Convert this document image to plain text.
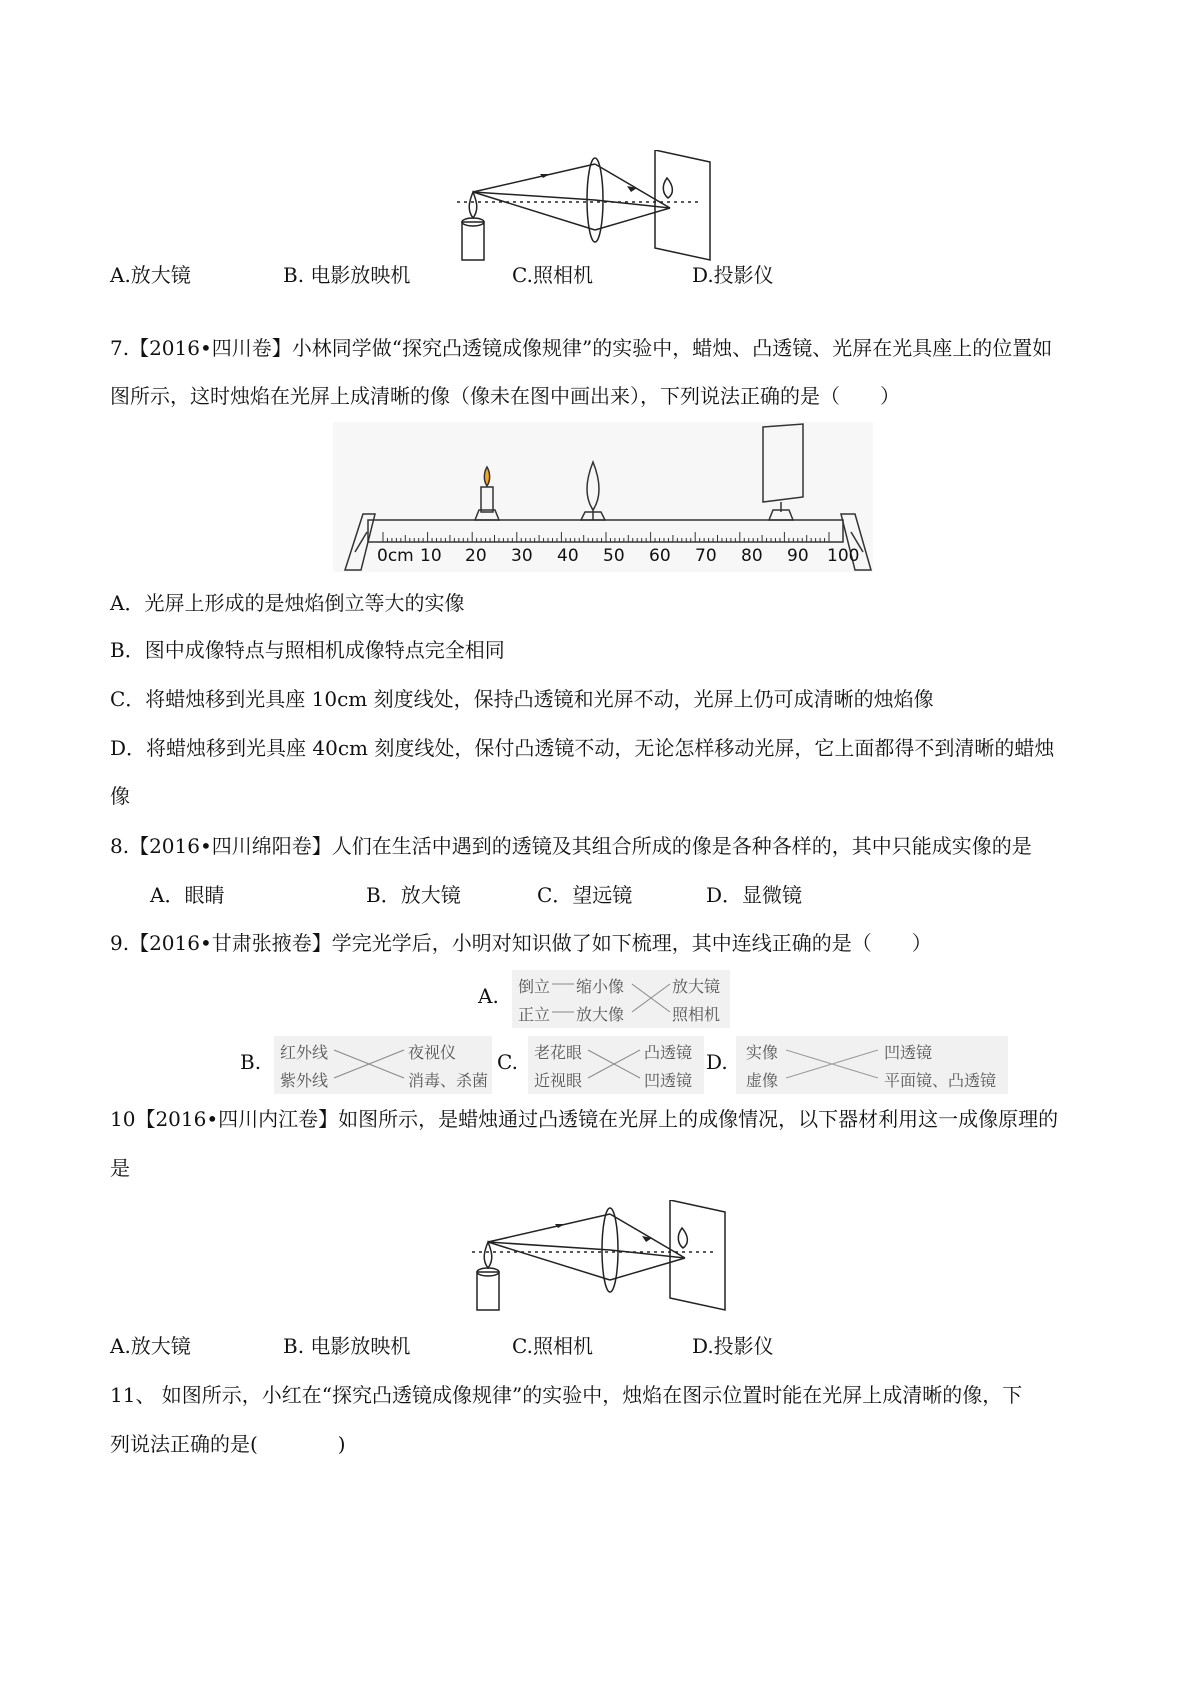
A.放大镜	B. 电影放映机	C.照相机	D.投影仪
7.【2016•四川卷】小林同学做“探究凸透镜成像规律”的实验中，蜡烛、凸透镜、光屏在光具座上的位置如
图所示，这时烛焰在光屏上成清晰的像（像未在图中画出来），下列说法正确的是（　　）
0cm 10 20 30 40 50 60 70 80 90 100
A．光屏上形成的是烛焰倒立等大的实像
B．图中成像特点与照相机成像特点完全相同
C．将蜡烛移到光具座 10cm 刻度线处，保持凸透镜和光屏不动，光屏上仍可成清晰的烛焰像
D．将蜡烛移到光具座 40cm 刻度线处，保付凸透镜不动，无论怎样移动光屏，它上面都得不到清晰的蜡烛
像
8.【2016•四川绵阳卷】人们在生活中遇到的透镜及其组合所成的像是各种各样的，其中只能成实像的是
A．眼睛	B．放大镜	C．望远镜	D．显微镜
9.【2016•甘肃张掖卷】学完光学后，小明对知识做了如下梳理，其中连线正确的是（　　）
A. 倒立
正立
缩小像
放大像
放大镜
照相机
B. 红外线
紫外线
夜视仪
消毒、杀菌
C. 老花眼
近视眼
凸透镜
凹透镜
D. 实像
虚像
凹透镜
平面镜、凸透镜
10【2016•四川内江卷】如图所示，是蜡烛通过凸透镜在光屏上的成像情况，以下器材利用这一成像原理的
是
A.放大镜	B. 电影放映机	C.照相机	D.投影仪
11、 如图所示，小红在“探究凸透镜成像规律”的实验中，烛焰在图示位置时能在光屏上成清晰的像，下
列说法正确的是(　　　　)
